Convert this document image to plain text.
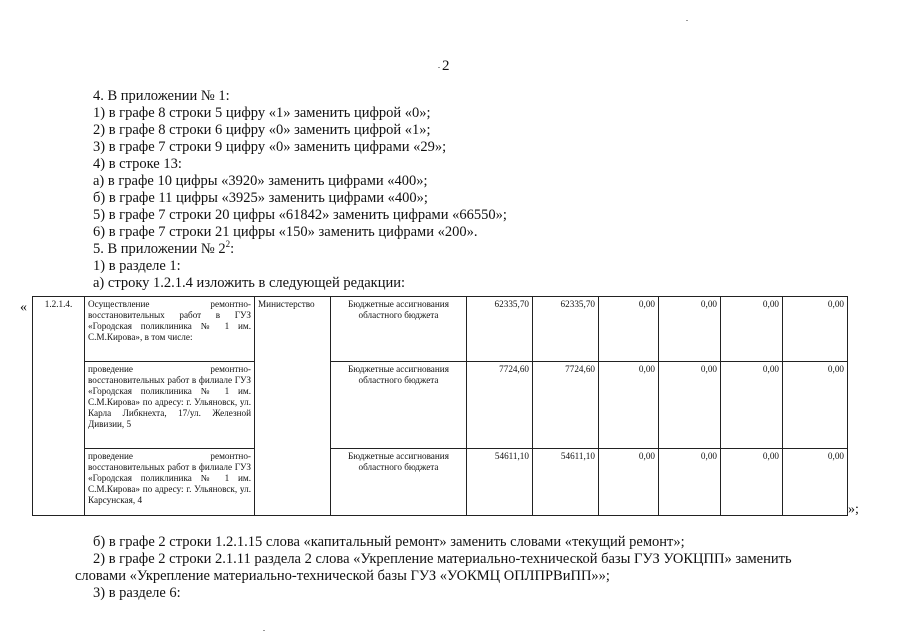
2
4. В приложении № 1:
1) в графе 8 строки 5 цифру «1» заменить цифрой «0»;
2) в графе 8 строки 6 цифру «0» заменить цифрой «1»;
3) в графе 7 строки 9 цифру «0» заменить цифрами «29»;
4) в строке 13:
а) в графе 10 цифры «3920» заменить цифрами «400»;
б) в графе 11 цифры «3925» заменить цифрами «400»;
5) в графе 7 строки 20 цифры «61842» заменить цифрами «66550»;
6) в графе 7 строки 21 цифры «150» заменить цифрами «200».
5. В приложении № $2^2$:
1) в разделе 1:
а) строку 1.2.1.4 изложить в следующей редакции:
« 1.2.1.4.	Осуществление ремонтно-восстановительных работ в ГУЗ «Городская поликлиника № 1 им. С.М.Кирова», в том числе:	Министерство	Бюджетные ассигнования областного бюджета	62335,70	62335,70	0,00	0,00	0,00	0,00
	проведение ремонтно-восстановительных работ в филиале ГУЗ «Городская поликлиника № 1 им. С.М.Кирова» по адресу: г. Ульяновск, ул. Карла Либкнехта, 17/ул. Железной Дивизии, 5		Бюджетные ассигнования областного бюджета	7724,60	7724,60	0,00	0,00	0,00	0,00
	проведение ремонтно-восстановительных работ в филиале ГУЗ «Городская поликлиника № 1 им. С.М.Кирова» по адресу: г. Ульяновск, ул. Карсунская, 4		Бюджетные ассигнования областного бюджета	54611,10	54611,10	0,00	0,00	0,00	0,00
»;
б) в графе 2 строки 1.2.1.15 слова «капитальный ремонт» заменить словами «текущий ремонт»;
2) в графе 2 строки 2.1.11 раздела 2 слова «Укрепление материально-технической базы ГУЗ УОКЦПП» заменить
словами «Укрепление материально-технической базы ГУЗ «УОКМЦ ОПЛПРВиПП»»;
3) в разделе 6:
